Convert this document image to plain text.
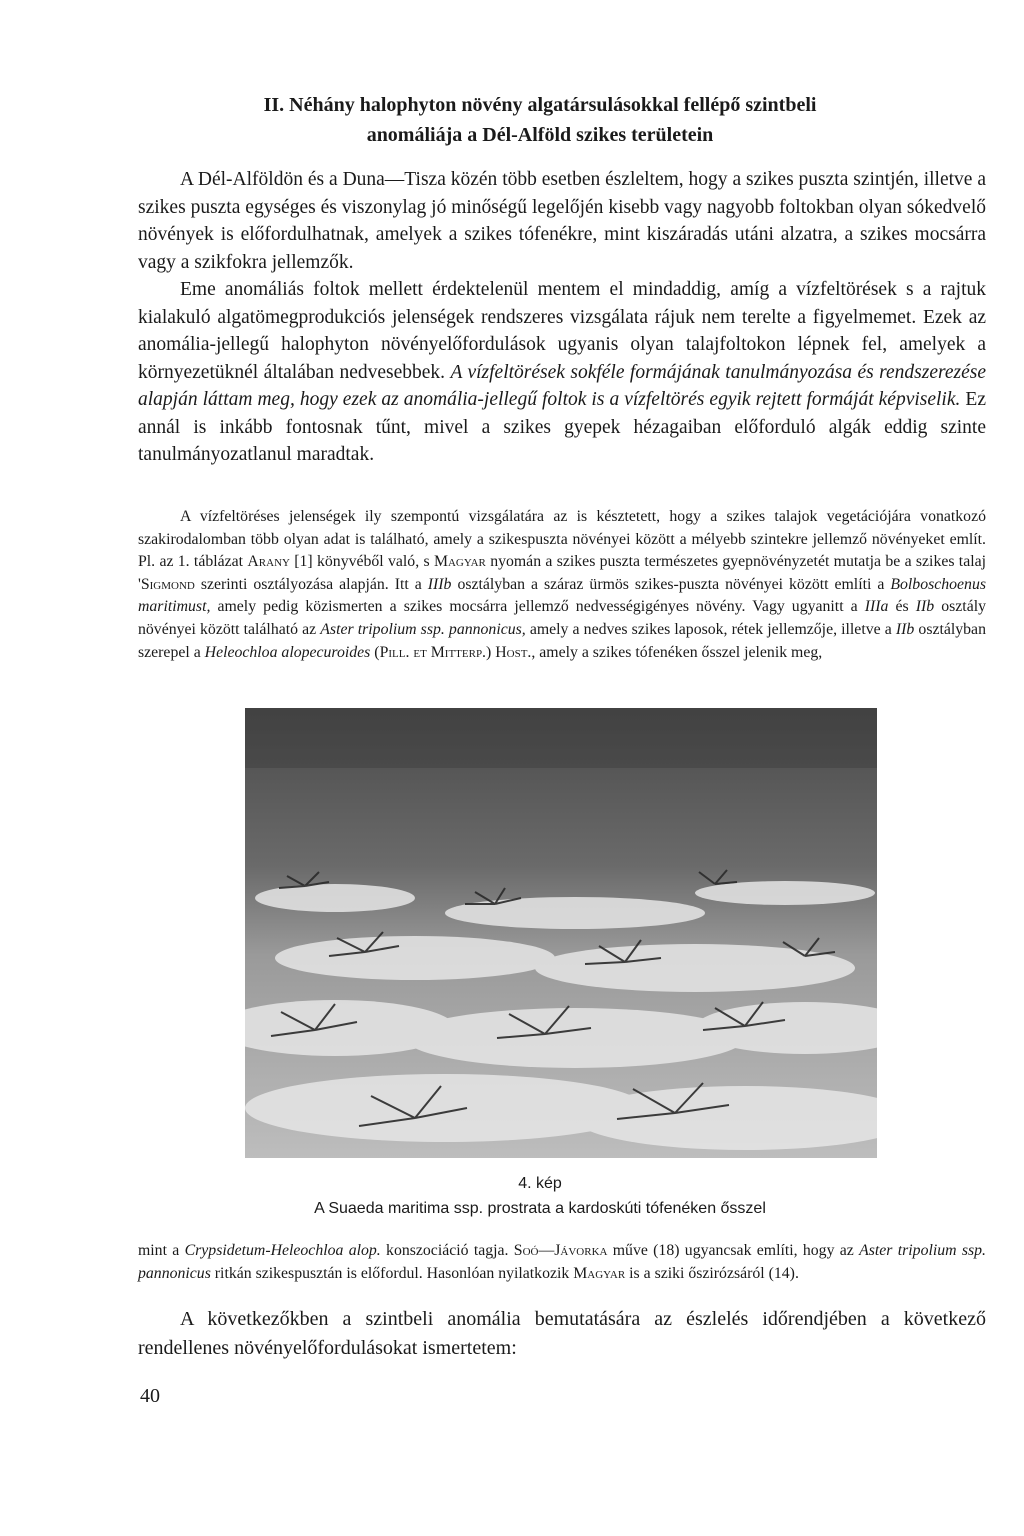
II. Néhány halophyton növény algatársulásokkal fellépő szintbeli
anomáliája a Dél-Alföld szikes területein

A Dél-Alföldön és a Duna—Tisza közén több esetben észleltem, hogy a szikes puszta szintjén, illetve a szikes puszta egységes és viszonylag jó minőségű legelőjén kisebb vagy nagyobb foltokban olyan sókedvelő növények is előfordulhatnak, amelyek a szikes tófenékre, mint kiszáradás utáni alzatra, a szikes mocsárra vagy a szikfokra jellemzők.

Eme anomáliás foltok mellett érdektelenül mentem el mindaddig, amíg a vízfeltörések s a rajtuk kialakuló algatömegprodukciós jelenségek rendszeres vizsgálata rájuk nem terelte a figyelmemet. Ezek az anomália-jellegű halophyton növényelőfordulások ugyanis olyan talajfoltokon lépnek fel, amelyek a környezetüknél általában nedvesebbek. A vízfeltörések sokféle formájának tanulmányozása és rendszerezése alapján láttam meg, hogy ezek az anomália-jellegű foltok is a vízfeltörés egyik rejtett formáját képviselik. Ez annál is inkább fontosnak tűnt, mivel a szikes gyepek hézagaiban előforduló algák eddig szinte tanulmányozatlanul maradtak.

A vízfeltöréses jelenségek ily szempontú vizsgálatára az is késztetett, hogy a szikes talajok vegetációjára vonatkozó szakirodalomban több olyan adat is található, amely a szikespuszta növényei között a mélyebb szintekre jellemző növényeket említ. Pl. az 1. táblázat Arany [1] könyvéből való, s Magyar nyomán a szikes puszta természetes gyepnövényzetét mutatja be a szikes talaj 'Sigmond szerinti osztályozása alapján. Itt a IIIb osztályban a száraz ürmös szikes-puszta növényei között említi a Bolboschoenus maritimust, amely pedig közismerten a szikes mocsárra jellemző nedvességigényes növény. Vagy ugyanitt a IIIa és IIb osztály növényei között található az Aster tripolium ssp. pannonicus, amely a nedves szikes laposok, rétek jellemzője, illetve a IIb osztályban szerepel a Heleochloa alopecuroides (Pill. et Mitterp.) Host., amely a szikes tófenéken ősszel jelenik meg,

4. kép
A Suaeda maritima ssp. prostrata a kardoskúti tófenéken ősszel

mint a Crypsidetum-Heleochloa alop. konszociáció tagja. Soó—Jávorka műve (18) ugyancsak említi, hogy az Aster tripolium ssp. pannonicus ritkán szikespusztán is előfordul. Hasonlóan nyilatkozik Magyar is a sziki őszirózsáról (14).

A következőkben a szintbeli anomália bemutatására az észlelés időrendjében a következő rendellenes növényelőfordulásokat ismertetem:

40
